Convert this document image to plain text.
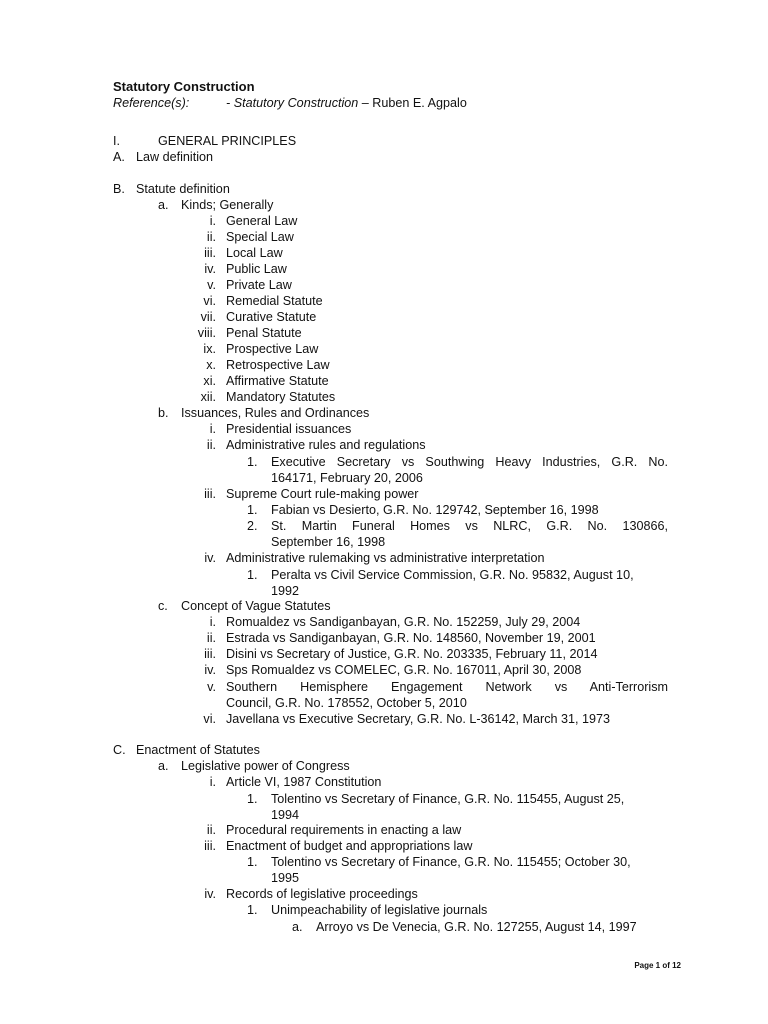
Statutory Construction
Reference(s):	- Statutory Construction – Ruben E. Agpalo
I.	GENERAL PRINCIPLES
A. Law definition
B. Statute definition
a. Kinds; Generally
i. General Law
ii. Special Law
iii. Local Law
iv. Public Law
v. Private Law
vi. Remedial Statute
vii. Curative Statute
viii. Penal Statute
ix. Prospective Law
x. Retrospective Law
xi. Affirmative Statute
xii. Mandatory Statutes
b. Issuances, Rules and Ordinances
i. Presidential issuances
ii. Administrative rules and regulations
1. Executive Secretary vs Southwing Heavy Industries, G.R. No.
164171, February 20, 2006
iii. Supreme Court rule-making power
1. Fabian vs Desierto, G.R. No. 129742, September 16, 1998
2. St. Martin Funeral Homes vs NLRC, G.R. No. 130866,
September 16, 1998
iv. Administrative rulemaking vs administrative interpretation
1. Peralta vs Civil Service Commission, G.R. No. 95832, August 10,
1992
c. Concept of Vague Statutes
i. Romualdez vs Sandiganbayan, G.R. No. 152259, July 29, 2004
ii. Estrada vs Sandiganbayan, G.R. No. 148560, November 19, 2001
iii. Disini vs Secretary of Justice, G.R. No. 203335, February 11, 2014
iv. Sps Romualdez vs COMELEC, G.R. No. 167011, April 30, 2008
v. Southern Hemisphere Engagement Network vs Anti-Terrorism
Council, G.R. No. 178552, October 5, 2010
vi. Javellana vs Executive Secretary, G.R. No. L-36142, March 31, 1973
C. Enactment of Statutes
a. Legislative power of Congress
i. Article VI, 1987 Constitution
1. Tolentino vs Secretary of Finance, G.R. No. 115455, August 25,
1994
ii. Procedural requirements in enacting a law
iii. Enactment of budget and appropriations law
1. Tolentino vs Secretary of Finance, G.R. No. 115455; October 30,
1995
iv. Records of legislative proceedings
1. Unimpeachability of legislative journals
a. Arroyo vs De Venecia, G.R. No. 127255, August 14, 1997
Page 1 of 12
